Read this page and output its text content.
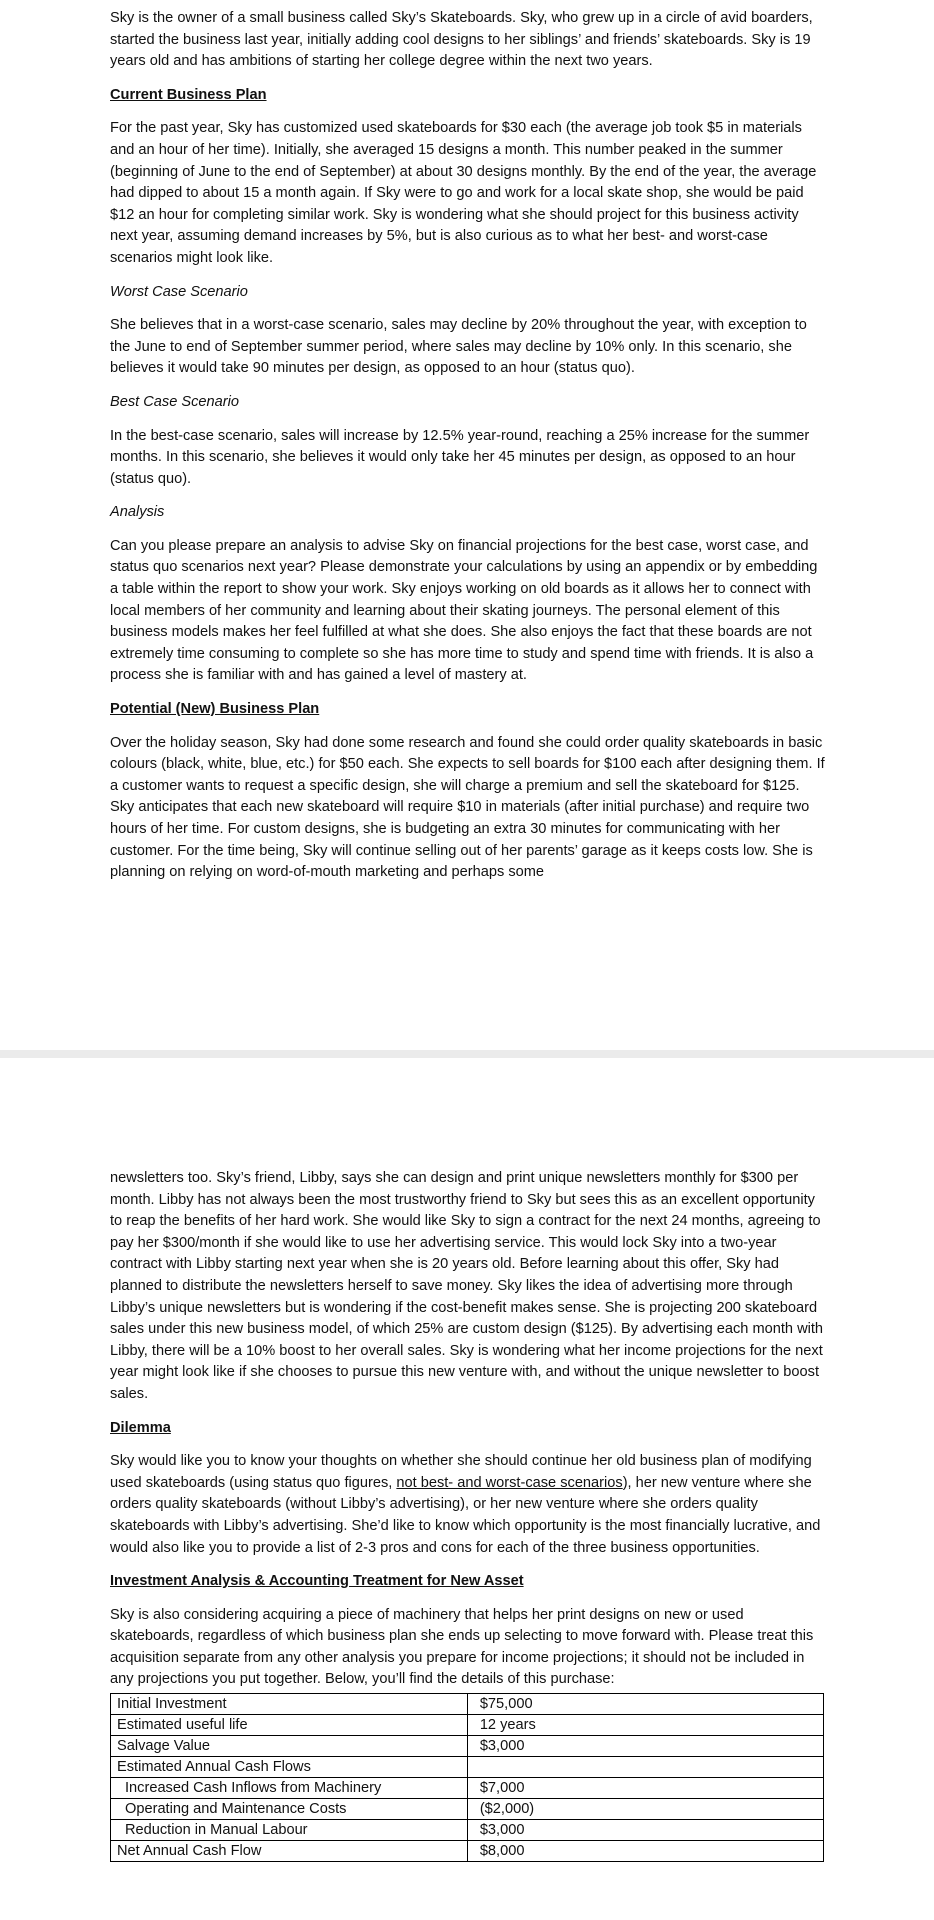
Sky is the owner of a small business called Sky’s Skateboards. Sky, who grew up in a circle of avid boarders, started the business last year, initially adding cool designs to her siblings’ and friends’ skateboards. Sky is 19 years old and has ambitions of starting her college degree within the next two years.

Current Business Plan

For the past year, Sky has customized used skateboards for $30 each (the average job took $5 in materials and an hour of her time). Initially, she averaged 15 designs a month. This number peaked in the summer (beginning of June to the end of September) at about 30 designs monthly. By the end of the year, the average had dipped to about 15 a month again. If Sky were to go and work for a local skate shop, she would be paid $12 an hour for completing similar work. Sky is wondering what she should project for this business activity next year, assuming demand increases by 5%, but is also curious as to what her best- and worst-case scenarios might look like.

Worst Case Scenario

She believes that in a worst-case scenario, sales may decline by 20% throughout the year, with exception to the June to end of September summer period, where sales may decline by 10% only. In this scenario, she believes it would take 90 minutes per design, as opposed to an hour (status quo).

Best Case Scenario

In the best-case scenario, sales will increase by 12.5% year-round, reaching a 25% increase for the summer months. In this scenario, she believes it would only take her 45 minutes per design, as opposed to an hour (status quo).

Analysis

Can you please prepare an analysis to advise Sky on financial projections for the best case, worst case, and status quo scenarios next year? Please demonstrate your calculations by using an appendix or by embedding a table within the report to show your work. Sky enjoys working on old boards as it allows her to connect with local members of her community and learning about their skating journeys. The personal element of this business models makes her feel fulfilled at what she does. She also enjoys the fact that these boards are not extremely time consuming to complete so she has more time to study and spend time with friends. It is also a process she is familiar with and has gained a level of mastery at.

Potential (New) Business Plan

Over the holiday season, Sky had done some research and found she could order quality skateboards in basic colours (black, white, blue, etc.) for $50 each. She expects to sell boards for $100 each after designing them. If a customer wants to request a specific design, she will charge a premium and sell the skateboard for $125. Sky anticipates that each new skateboard will require $10 in materials (after initial purchase) and require two hours of her time. For custom designs, she is budgeting an extra 30 minutes for communicating with her customer. For the time being, Sky will continue selling out of her parents’ garage as it keeps costs low. She is planning on relying on word-of-mouth marketing and perhaps some

newsletters too. Sky’s friend, Libby, says she can design and print unique newsletters monthly for $300 per month. Libby has not always been the most trustworthy friend to Sky but sees this as an excellent opportunity to reap the benefits of her hard work. She would like Sky to sign a contract for the next 24 months, agreeing to pay her $300/month if she would like to use her advertising service. This would lock Sky into a two-year contract with Libby starting next year when she is 20 years old. Before learning about this offer, Sky had planned to distribute the newsletters herself to save money. Sky likes the idea of advertising more through Libby’s unique newsletters but is wondering if the cost-benefit makes sense. She is projecting 200 skateboard sales under this new business model, of which 25% are custom design ($125). By advertising each month with Libby, there will be a 10% boost to her overall sales. Sky is wondering what her income projections for the next year might look like if she chooses to pursue this new venture with, and without the unique newsletter to boost sales.

Dilemma

Sky would like you to know your thoughts on whether she should continue her old business plan of modifying used skateboards (using status quo figures, not best- and worst-case scenarios), her new venture where she orders quality skateboards (without Libby’s advertising), or her new venture where she orders quality skateboards with Libby’s advertising. She’d like to know which opportunity is the most financially lucrative, and would also like you to provide a list of 2-3 pros and cons for each of the three business opportunities.

Investment Analysis & Accounting Treatment for New Asset

Sky is also considering acquiring a piece of machinery that helps her print designs on new or used skateboards, regardless of which business plan she ends up selecting to move forward with. Please treat this acquisition separate from any other analysis you prepare for income projections; it should not be included in any projections you put together. Below, you’ll find the details of this purchase:

Initial Investment	$75,000
Estimated useful life	12 years
Salvage Value	$3,000
Estimated Annual Cash Flows	
Increased Cash Inflows from Machinery	$7,000
Operating and Maintenance Costs	($2,000)
Reduction in Manual Labour	$3,000
Net Annual Cash Flow	$8,000
